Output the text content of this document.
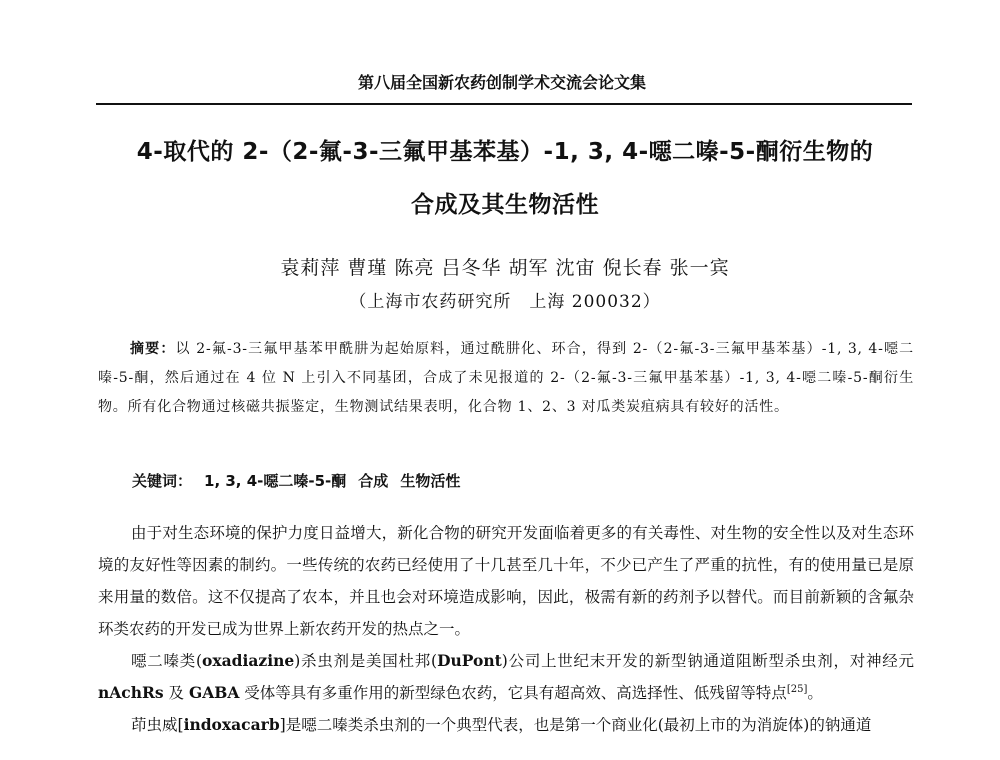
第八届全国新农药创制学术交流会论文集
4-取代的 2-（2-氟-3-三氟甲基苯基）-1, 3, 4-噁二嗪-5-酮衍生物的
合成及其生物活性
袁莉萍 曹瑾 陈亮 吕冬华 胡军 沈宙 倪长春 张一宾
（上海市农药研究所　上海 200032）
摘要：以 2-氟-3-三氟甲基苯甲酰肼为起始原料，通过酰肼化、环合，得到 2-（2-氟-3-三氟甲基苯基）-1, 3, 4-噁二嗪-5-酮，然后通过在 4 位 N 上引入不同基团，合成了未见报道的 2-（2-氟-3-三氟甲基苯基）-1, 3, 4-噁二嗪-5-酮衍生物。所有化合物通过核磁共振鉴定，生物测试结果表明，化合物 1、2、3 对瓜类炭疽病具有较好的活性。
关键词： 1, 3, 4-噁二嗪-5-酮 合成 生物活性

由于对生态环境的保护力度日益增大，新化合物的研究开发面临着更多的有关毒性、对生物的安全性以及对生态环境的友好性等因素的制约。一些传统的农药已经使用了十几甚至几十年，不少已产生了严重的抗性，有的使用量已是原来用量的数倍。这不仅提高了农本，并且也会对环境造成影响，因此，极需有新的药剂予以替代。而目前新颖的含氟杂环类农药的开发已成为世界上新农药开发的热点之一。

噁二嗪类(oxadiazine)杀虫剂是美国杜邦(DuPont)公司上世纪末开发的新型钠通道阻断型杀虫剂，对神经元 nAchRs 及 GABA 受体等具有多重作用的新型绿色农药，它具有超高效、高选择性、低残留等特点[25]。

茚虫威[indoxacarb]是噁二嗪类杀虫剂的一个典型代表，也是第一个商业化(最初上市的为消旋体)的钠通道
